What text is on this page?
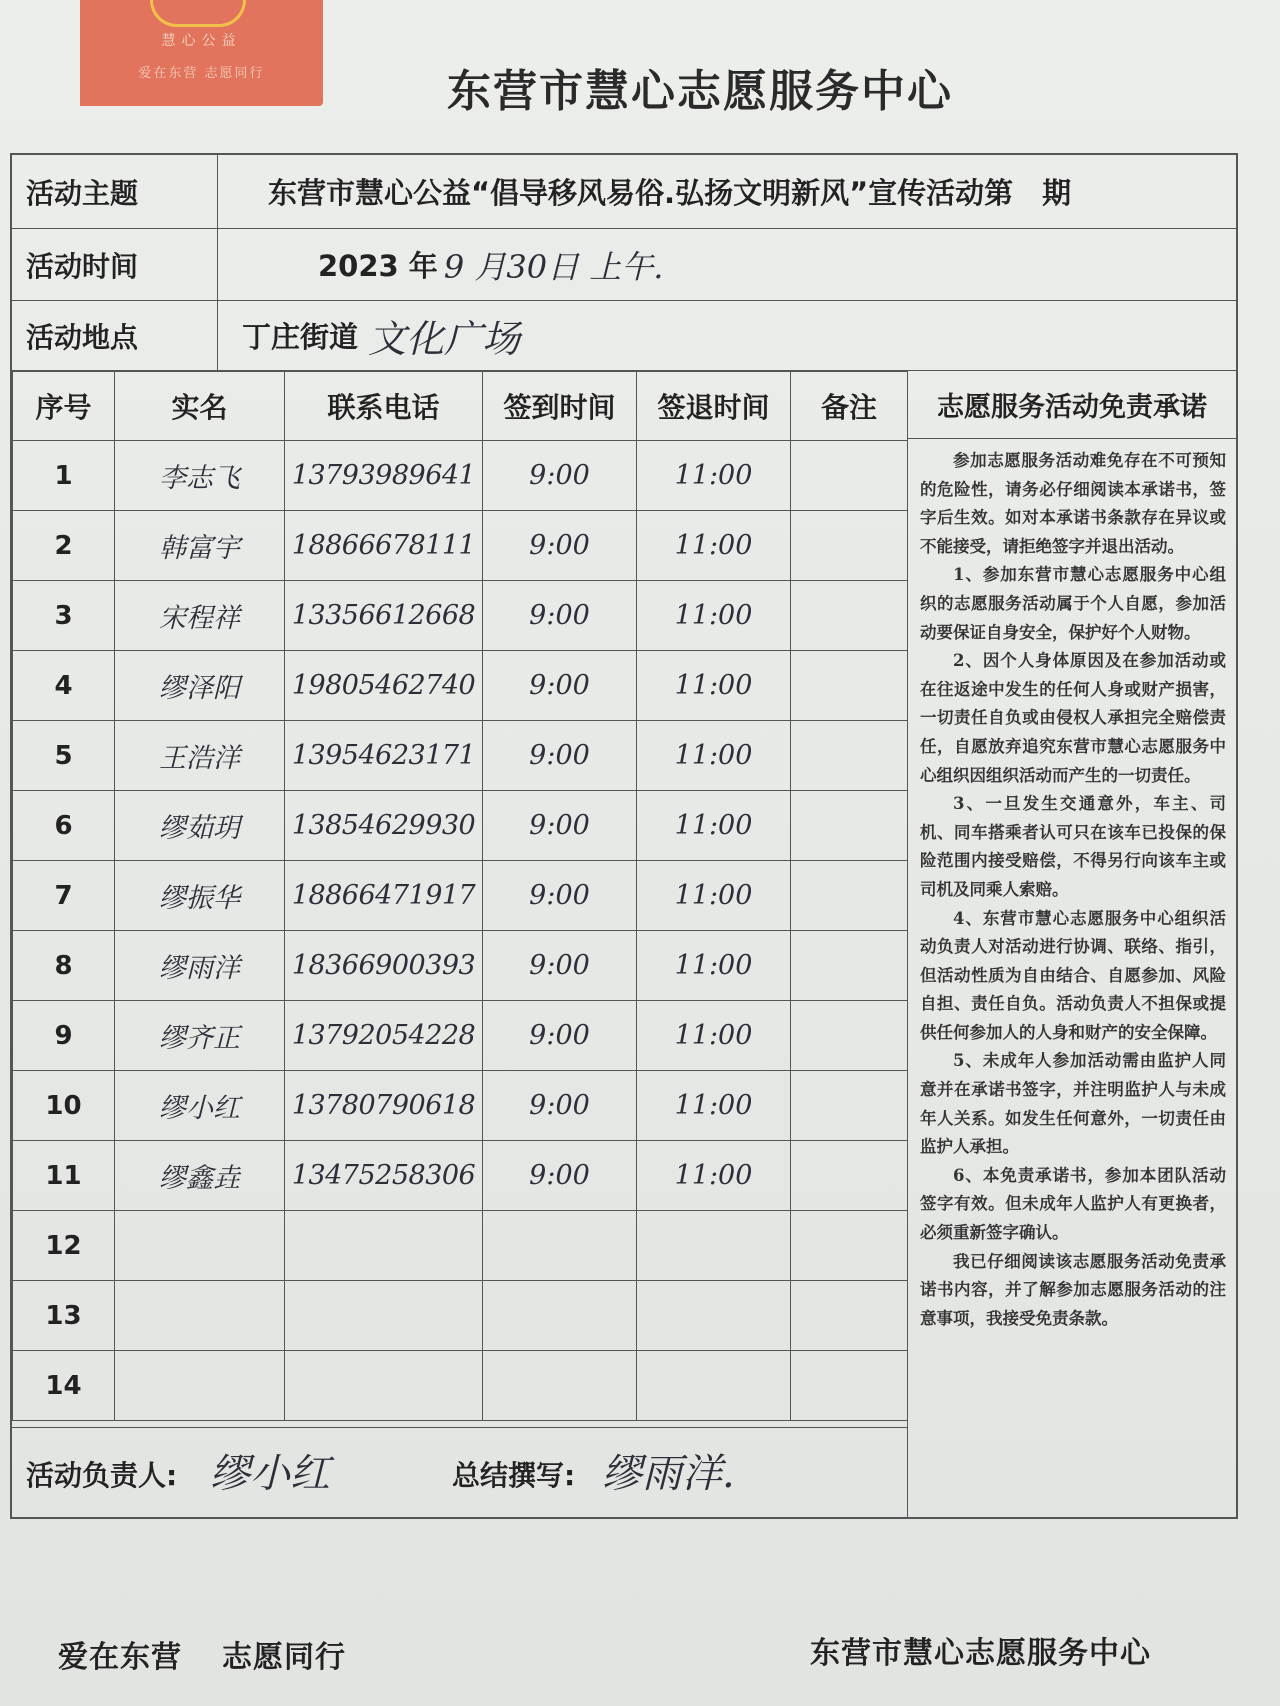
慧心公益
爱在东营 志愿同行	东营市慧心志愿服务中心
活动主题	东营市慧心公益“倡导移风易俗.弘扬文明新风”宣传活动第　期
活动时间	2023 年 9 月30日 上午.
活动地点	丁庄街道 文化广场
序号	实名	联系电话	签到时间	签退时间	备注
1	李志飞	13793989641	9:00	11:00	
2	韩富宇	18866678111	9:00	11:00	
3	宋程祥	13356612668	9:00	11:00	
4	缪泽阳	19805462740	9:00	11:00	
5	王浩洋	13954623171	9:00	11:00	
6	缪茹玥	13854629930	9:00	11:00	
7	缪振华	18866471917	9:00	11:00	
8	缪雨洋	18366900393	9:00	11:00	
9	缪齐正	13792054228	9:00	11:00	
10	缪小红	13780790618	9:00	11:00	
11	缪鑫垚	13475258306	9:00	11:00	
12					
13					
14					
活动负责人: 缪小红	总结撰写: 缪雨洋.
志愿服务活动免责承诺

参加志愿服务活动难免存在不可预知的危险性，请务必仔细阅读本承诺书，签字后生效。如对本承诺书条款存在异议或不能接受，请拒绝签字并退出活动。

1、参加东营市慧心志愿服务中心组织的志愿服务活动属于个人自愿，参加活动要保证自身安全，保护好个人财物。

2、因个人身体原因及在参加活动或在往返途中发生的任何人身或财产损害，一切责任自负或由侵权人承担完全赔偿责任，自愿放弃追究东营市慧心志愿服务中心组织因组织活动而产生的一切责任。

3、一旦发生交通意外，车主、司机、同车搭乘者认可只在该车已投保的保险范围内接受赔偿，不得另行向该车主或司机及同乘人索赔。

4、东营市慧心志愿服务中心组织活动负责人对活动进行协调、联络、指引，但活动性质为自由结合、自愿参加、风险自担、责任自负。活动负责人不担保或提供任何参加人的人身和财产的安全保障。

5、未成年人参加活动需由监护人同意并在承诺书签字，并注明监护人与未成年人关系。如发生任何意外，一切责任由监护人承担。

6、本免责承诺书，参加本团队活动签字有效。但未成年人监护人有更换者，必须重新签字确认。

我已仔细阅读该志愿服务活动免责承诺书内容，并了解参加志愿服务活动的注意事项，我接受免责条款。

爱在东营 志愿同行	东营市慧心志愿服务中心
